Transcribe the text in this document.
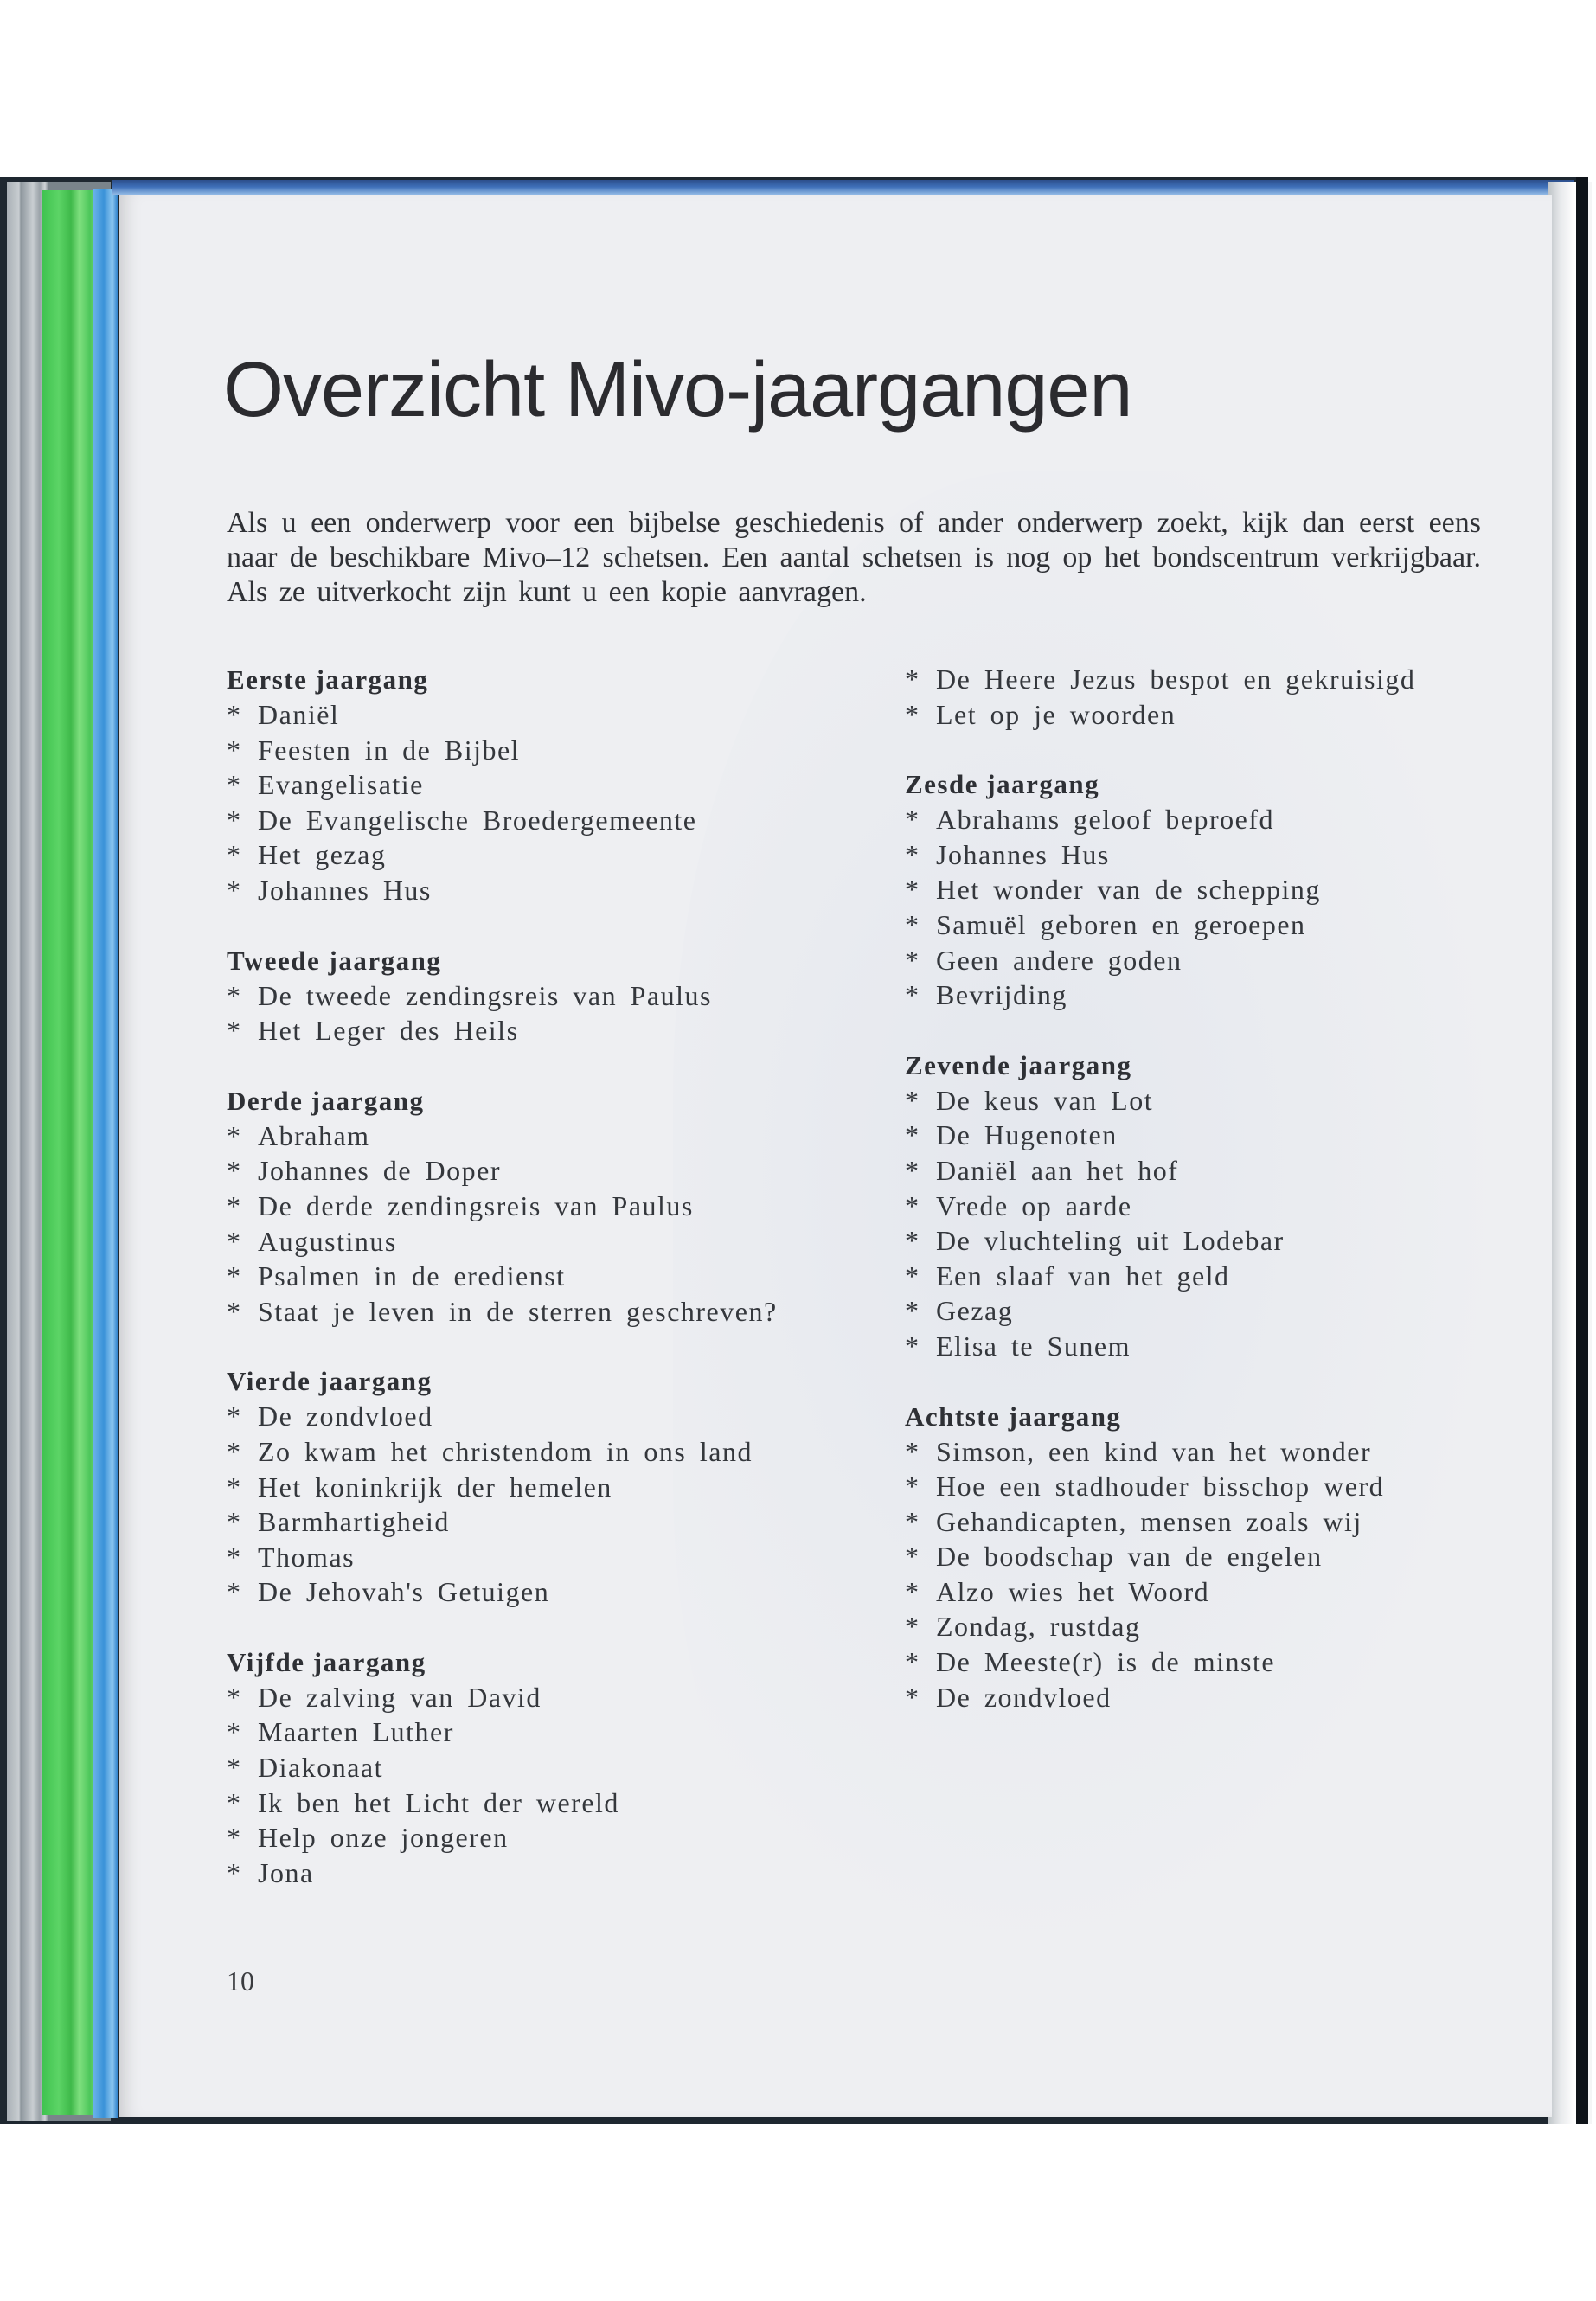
Overzicht Mivo-jaargangen

Als u een onderwerp voor een bijbelse geschiedenis of ander onderwerp zoekt, kijk dan eerst eens naar de beschikbare Mivo–12 schetsen. Een aantal schetsen is nog op het bondscentrum verkrijgbaar. Als ze uitverkocht zijn kunt u een kopie aanvragen.

Eerste jaargang
* Daniël
* Feesten in de Bijbel
* Evangelisatie
* De Evangelische Broedergemeente
* Het gezag
* Johannes Hus
Tweede jaargang
* De tweede zendingsreis van Paulus
* Het Leger des Heils
Derde jaargang
* Abraham
* Johannes de Doper
* De derde zendingsreis van Paulus
* Augustinus
* Psalmen in de eredienst
* Staat je leven in de sterren geschreven?
Vierde jaargang
* De zondvloed
* Zo kwam het christendom in ons land
* Het koninkrijk der hemelen
* Barmhartigheid
* Thomas
* De Jehovah's Getuigen
Vijfde jaargang
* De zalving van David
* Maarten Luther
* Diakonaat
* Ik ben het Licht der wereld
* Help onze jongeren
* Jona
* De Heere Jezus bespot en gekruisigd
* Let op je woorden
Zesde jaargang
* Abrahams geloof beproefd
* Johannes Hus
* Het wonder van de schepping
* Samuël geboren en geroepen
* Geen andere goden
* Bevrijding
Zevende jaargang
* De keus van Lot
* De Hugenoten
* Daniël aan het hof
* Vrede op aarde
* De vluchteling uit Lodebar
* Een slaaf van het geld
* Gezag
* Elisa te Sunem
Achtste jaargang
* Simson, een kind van het wonder
* Hoe een stadhouder bisschop werd
* Gehandicapten, mensen zoals wij
* De boodschap van de engelen
* Alzo wies het Woord
* Zondag, rustdag
* De Meeste(r) is de minste
* De zondvloed
10
